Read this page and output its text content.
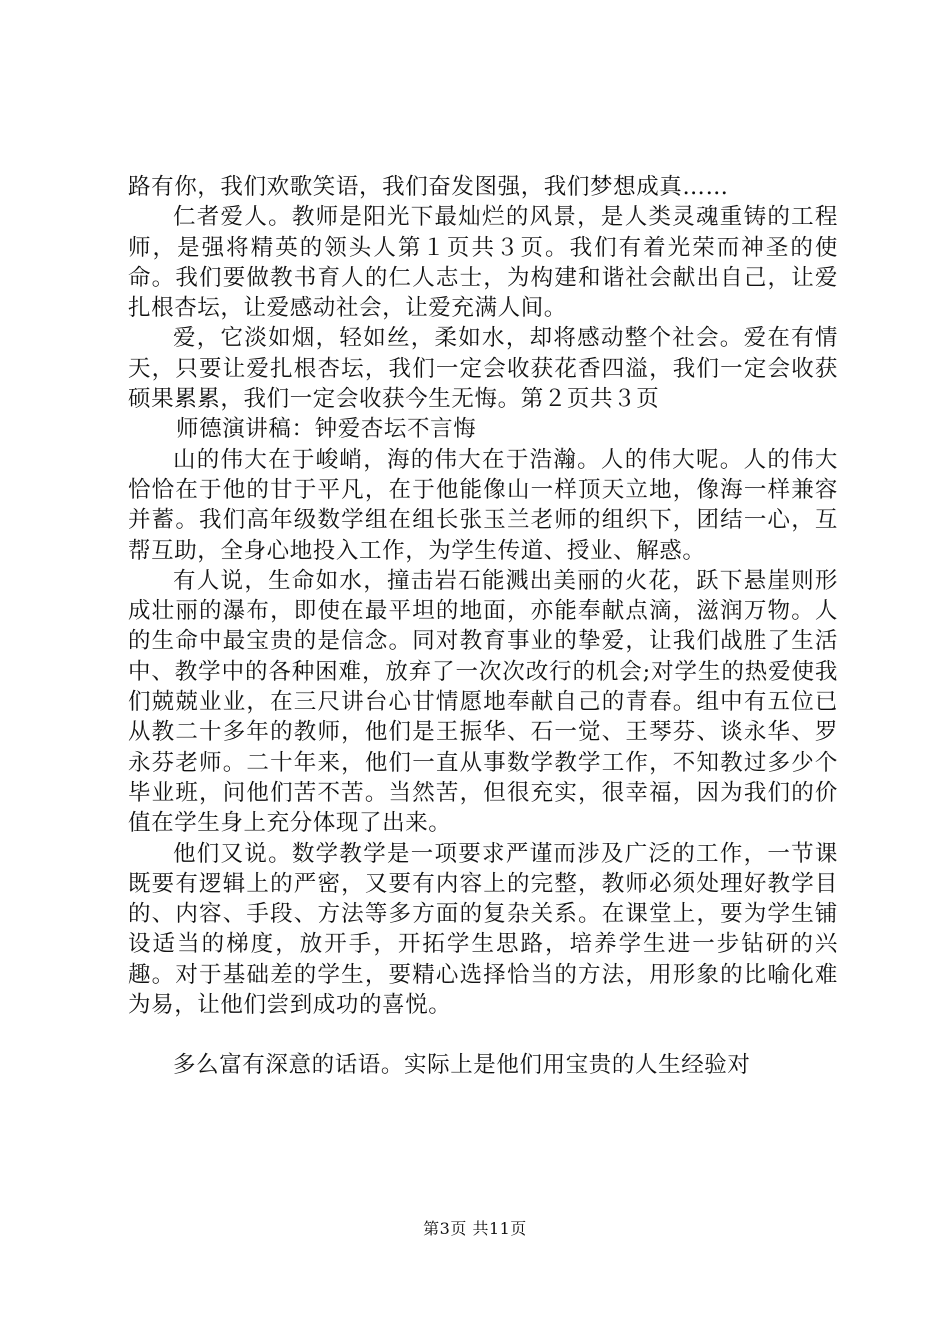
路有你，我们欢歌笑语，我们奋发图强，我们梦想成真……

仁者爱人。教师是阳光下最灿烂的风景，是人类灵魂重铸的工程师，是强将精英的领头人第１页共３页。我们有着光荣而神圣的使命。我们要做教书育人的仁人志士，为构建和谐社会献出自己，让爱扎根杏坛，让爱感动社会，让爱充满人间。

爱，它淡如烟，轻如丝，柔如水，却将感动整个社会。爱在有情天，只要让爱扎根杏坛，我们一定会收获花香四溢，我们一定会收获硕果累累，我们一定会收获今生无悔。第２页共３页

师德演讲稿：钟爱杏坛不言悔

山的伟大在于峻峭，海的伟大在于浩瀚。人的伟大呢。人的伟大恰恰在于他的甘于平凡，在于他能像山一样顶天立地，像海一样兼容并蓄。我们高年级数学组在组长张玉兰老师的组织下，团结一心，互帮互助，全身心地投入工作，为学生传道、授业、解惑。

有人说，生命如水，撞击岩石能溅出美丽的火花，跃下悬崖则形成壮丽的瀑布，即使在最平坦的地面，亦能奉献点滴，滋润万物。人的生命中最宝贵的是信念。同对教育事业的挚爱，让我们战胜了生活中、教学中的各种困难，放弃了一次次改行的机会;对学生的热爱使我们兢兢业业，在三尺讲台心甘情愿地奉献自己的青春。组中有五位已从教二十多年的教师，他们是王振华、石一觉、王琴芬、谈永华、罗永芬老师。二十年来，他们一直从事数学教学工作，不知教过多少个毕业班，问他们苦不苦。当然苦，但很充实，很幸福，因为我们的价值在学生身上充分体现了出来。

他们又说。数学教学是一项要求严谨而涉及广泛的工作，一节课既要有逻辑上的严密，又要有内容上的完整，教师必须处理好教学目的、内容、手段、方法等多方面的复杂关系。在课堂上，要为学生铺设适当的梯度，放开手，开拓学生思路，培养学生进一步钻研的兴趣。对于基础差的学生，要精心选择恰当的方法，用形象的比喻化难为易，让他们尝到成功的喜悦。

多么富有深意的话语。实际上是他们用宝贵的人生经验对

第3页 共11页
